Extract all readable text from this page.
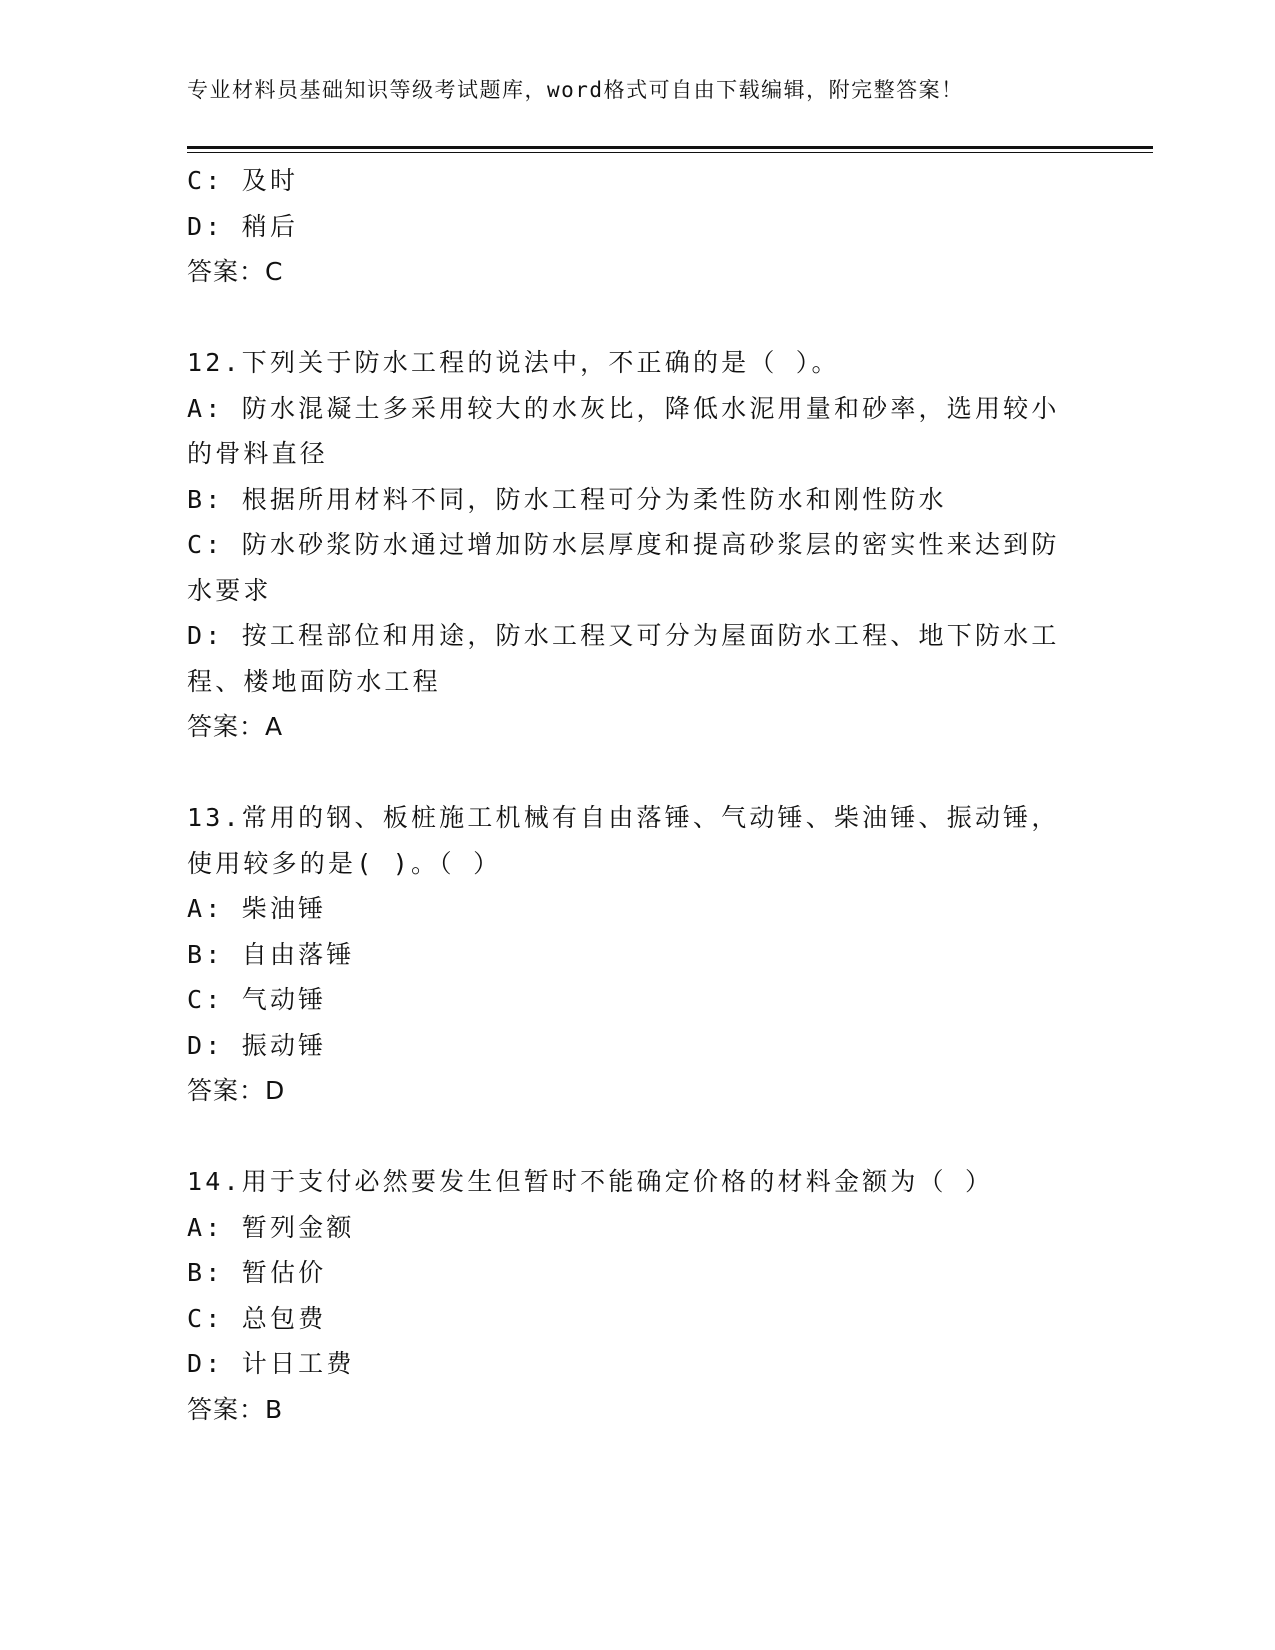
专业材料员基础知识等级考试题库，word格式可自由下载编辑，附完整答案！
C: 及时
D: 稍后
答案：C
12.下列关于防水工程的说法中，不正确的是（ ）。
A: 防水混凝土多采用较大的水灰比，降低水泥用量和砂率，选用较小
的骨料直径
B: 根据所用材料不同，防水工程可分为柔性防水和刚性防水
C: 防水砂浆防水通过增加防水层厚度和提高砂浆层的密实性来达到防
水要求
D: 按工程部位和用途，防水工程又可分为屋面防水工程、地下防水工
程、楼地面防水工程
答案：A
13.常用的钢、板桩施工机械有自由落锤、气动锤、柴油锤、振动锤，
使用较多的是( )。（ ）
A: 柴油锤
B: 自由落锤
C: 气动锤
D: 振动锤
答案：D
14.用于支付必然要发生但暂时不能确定价格的材料金额为（ ）
A: 暂列金额
B: 暂估价
C: 总包费
D: 计日工费
答案：B
